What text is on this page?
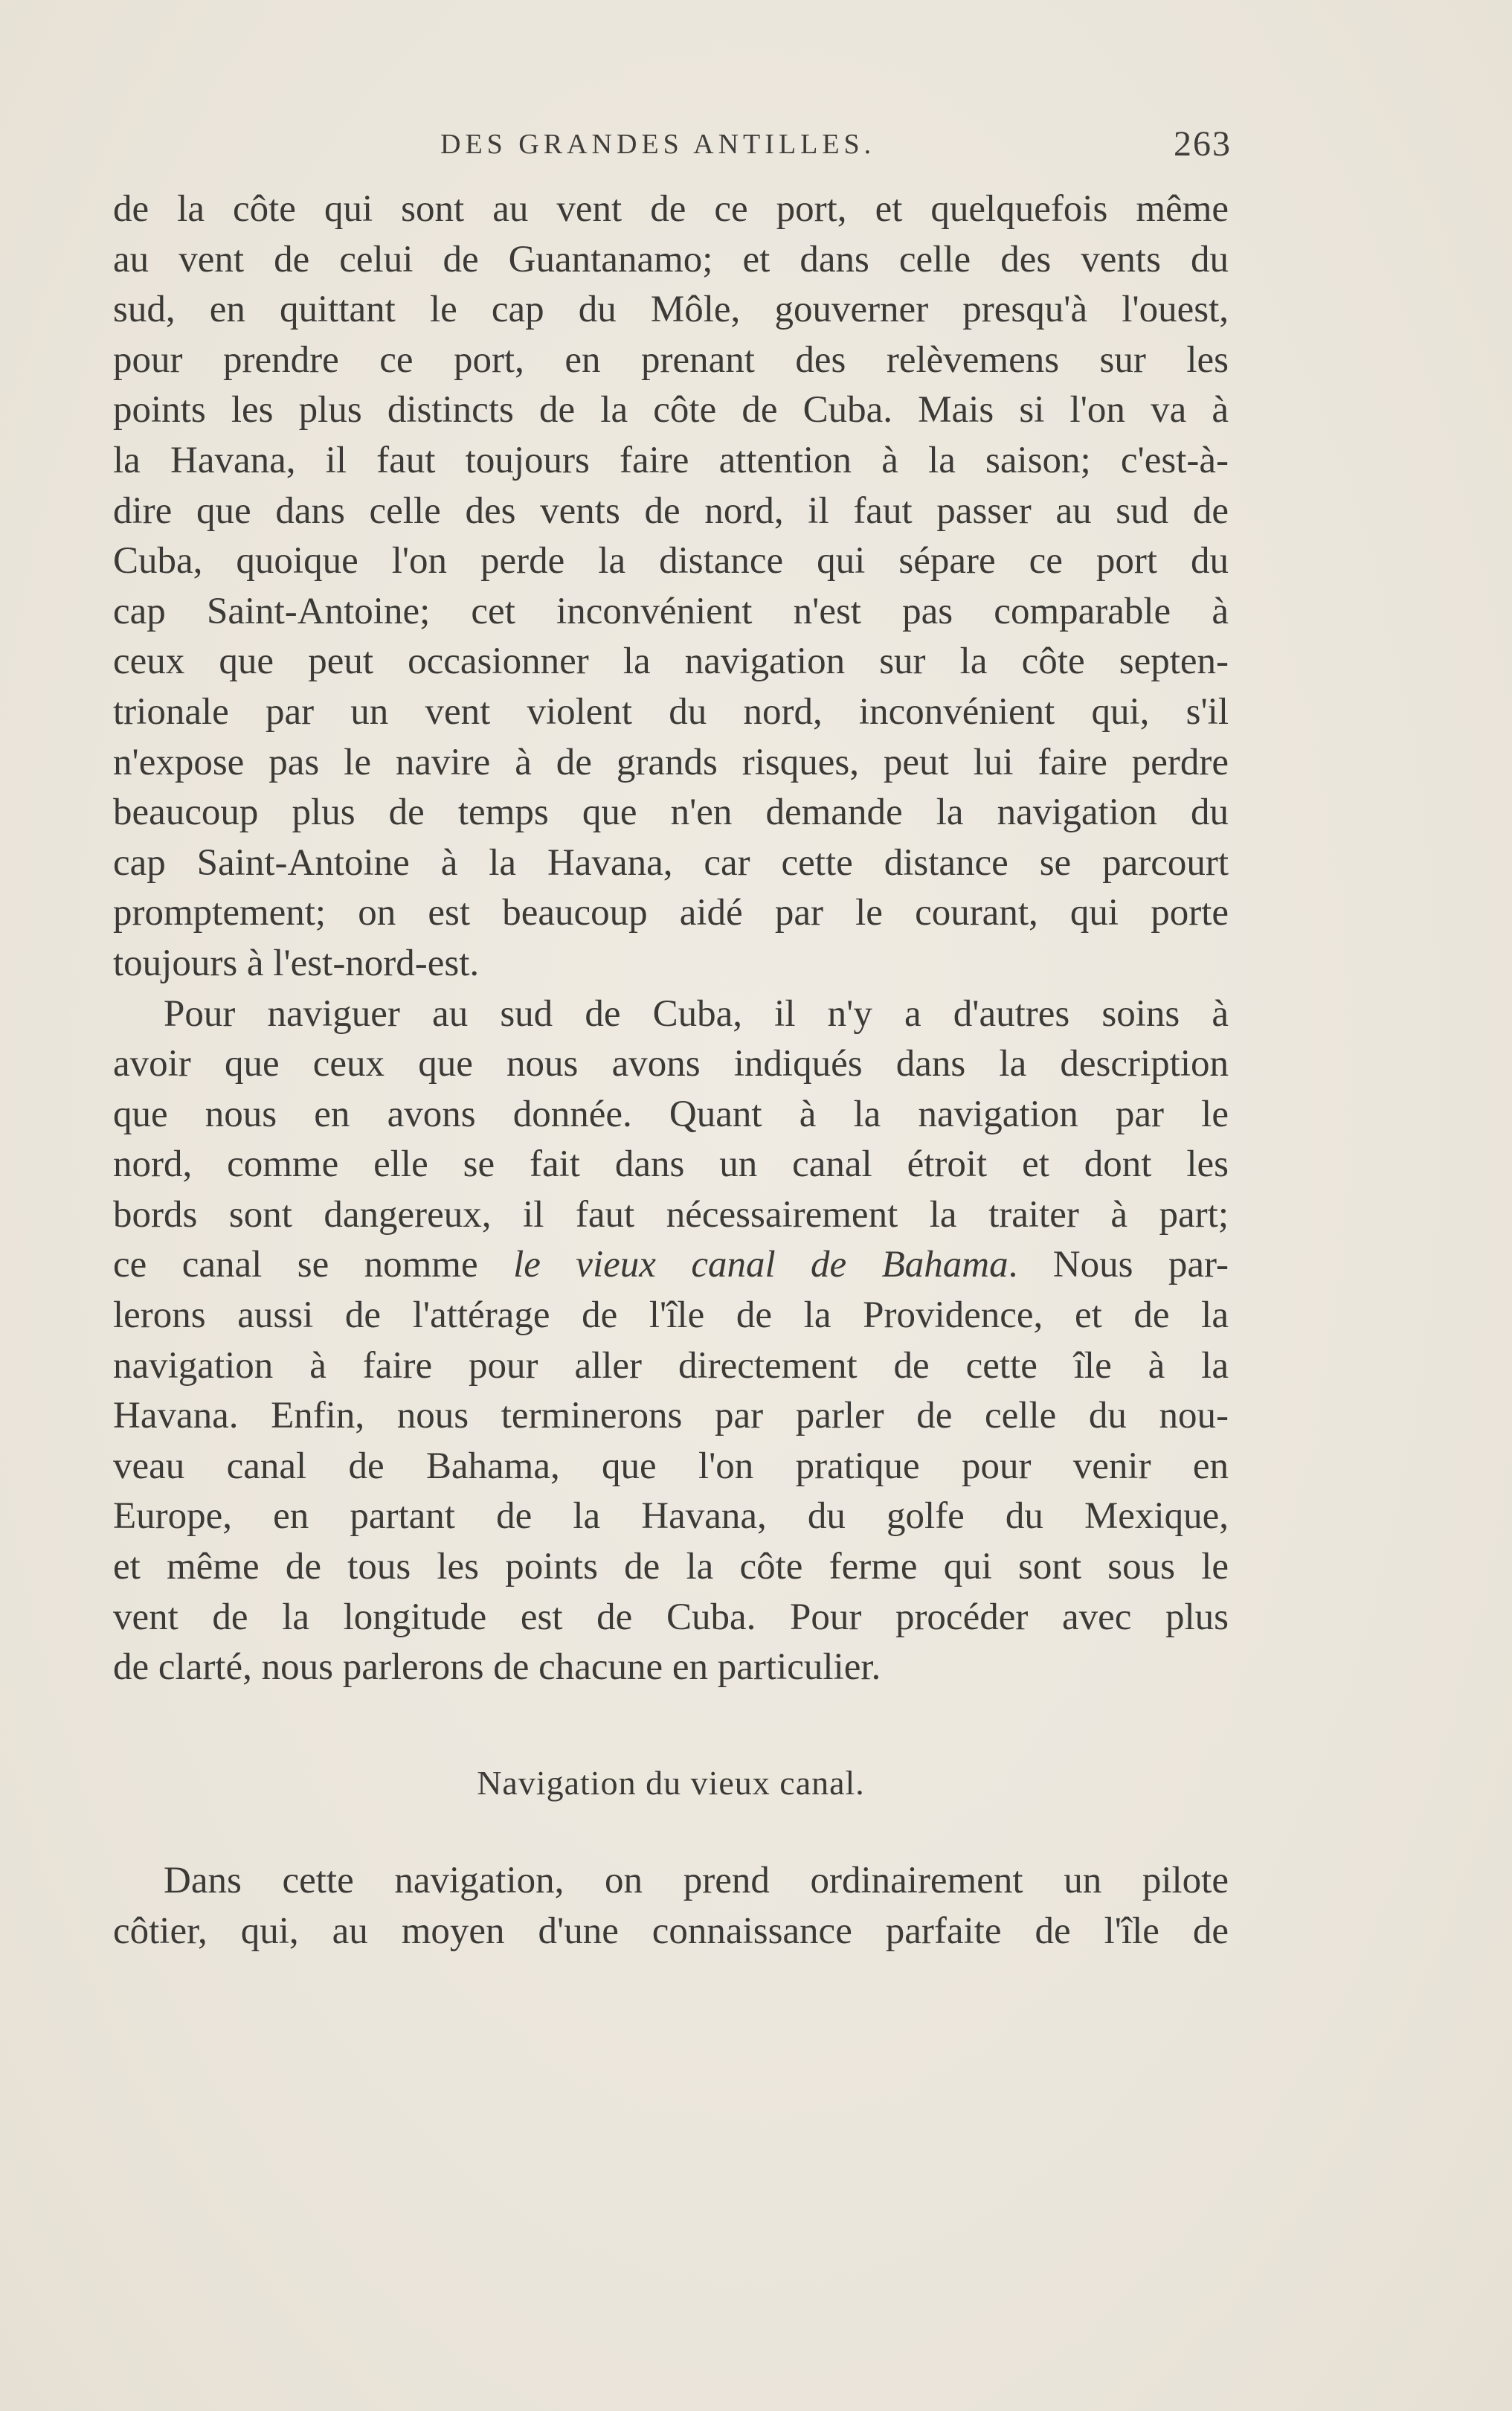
DES GRANDES ANTILLES.	263
de la côte qui sont au vent de ce port, et quelquefois même
au vent de celui de Guantanamo; et dans celle des vents du
sud, en quittant le cap du Môle, gouverner presqu'à l'ouest,
pour prendre ce port, en prenant des relèvemens sur les
points les plus distincts de la côte de Cuba. Mais si l'on va à
la Havana, il faut toujours faire attention à la saison; c'est-à-
dire que dans celle des vents de nord, il faut passer au sud de
Cuba, quoique l'on perde la distance qui sépare ce port du
cap Saint-Antoine; cet inconvénient n'est pas comparable à
ceux que peut occasionner la navigation sur la côte septen-
trionale par un vent violent du nord, inconvénient qui, s'il
n'expose pas le navire à de grands risques, peut lui faire perdre
beaucoup plus de temps que n'en demande la navigation du
cap Saint-Antoine à la Havana, car cette distance se parcourt
promptement; on est beaucoup aidé par le courant, qui porte
toujours à l'est-nord-est.
Pour naviguer au sud de Cuba, il n'y a d'autres soins à
avoir que ceux que nous avons indiqués dans la description
que nous en avons donnée. Quant à la navigation par le
nord, comme elle se fait dans un canal étroit et dont les
bords sont dangereux, il faut nécessairement la traiter à part;
ce canal se nomme le vieux canal de Bahama. Nous par-
lerons aussi de l'attérage de l'île de la Providence, et de la
navigation à faire pour aller directement de cette île à la
Havana. Enfin, nous terminerons par parler de celle du nou-
veau canal de Bahama, que l'on pratique pour venir en
Europe, en partant de la Havana, du golfe du Mexique,
et même de tous les points de la côte ferme qui sont sous le
vent de la longitude est de Cuba. Pour procéder avec plus
de clarté, nous parlerons de chacune en particulier.
Navigation du vieux canal.
Dans cette navigation, on prend ordinairement un pilote
côtier, qui, au moyen d'une connaissance parfaite de l'île de
